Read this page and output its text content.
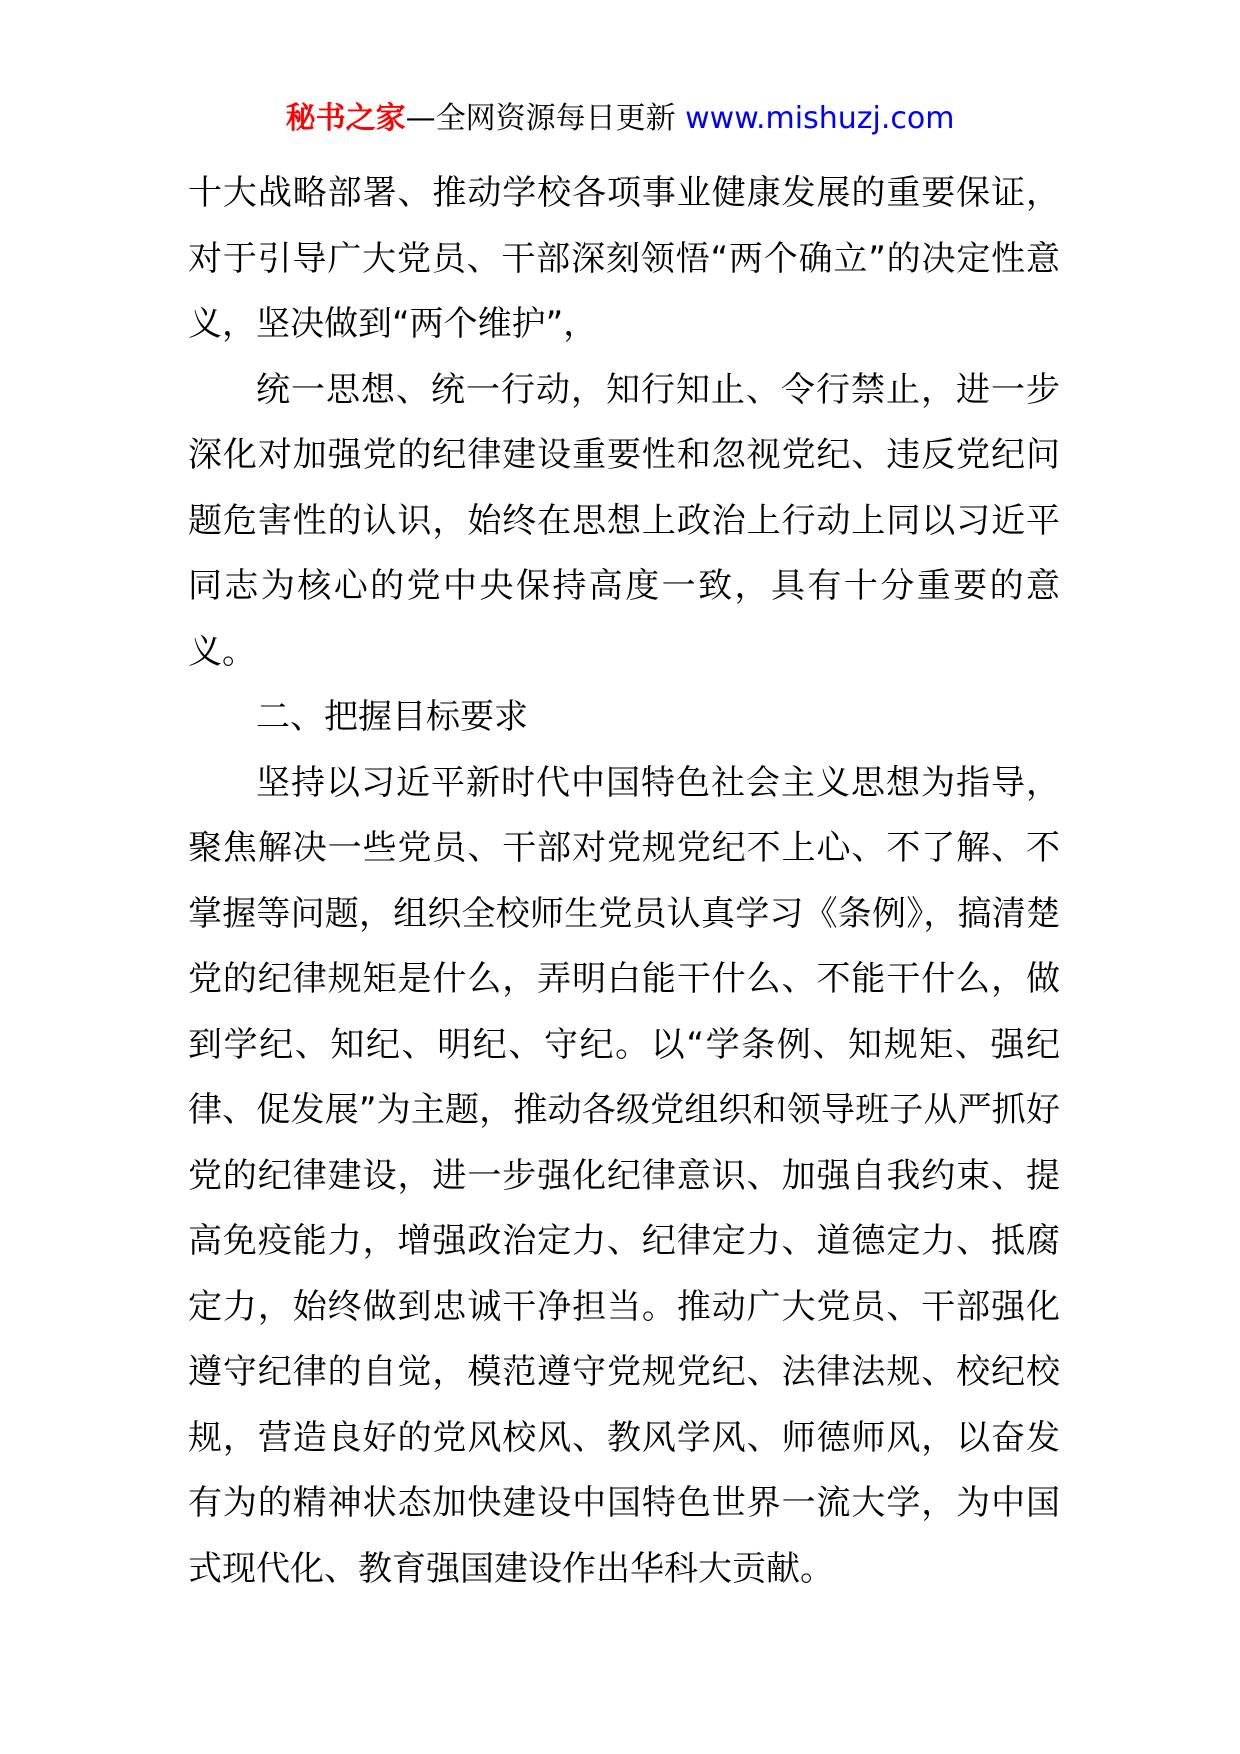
秘书之家—全网资源每日更新 www.mishuzj.com

十大战略部署、推动学校各项事业健康发展的重要保证，对于引导广大党员、干部深刻领悟“两个确立”的决定性意义，坚决做到“两个维护”，

统一思想、统一行动，知行知止、令行禁止，进一步深化对加强党的纪律建设重要性和忽视党纪、违反党纪问题危害性的认识，始终在思想上政治上行动上同以习近平同志为核心的党中央保持高度一致，具有十分重要的意义。

二、把握目标要求

坚持以习近平新时代中国特色社会主义思想为指导，聚焦解决一些党员、干部对党规党纪不上心、不了解、不掌握等问题，组织全校师生党员认真学习《条例》，搞清楚党的纪律规矩是什么，弄明白能干什么、不能干什么，做到学纪、知纪、明纪、守纪。以“学条例、知规矩、强纪律、促发展”为主题，推动各级党组织和领导班子从严抓好党的纪律建设，进一步强化纪律意识、加强自我约束、提高免疫能力，增强政治定力、纪律定力、道德定力、抵腐定力，始终做到忠诚干净担当。推动广大党员、干部强化遵守纪律的自觉，模范遵守党规党纪、法律法规、校纪校规，营造良好的党风校风、教风学风、师德师风，以奋发有为的精神状态加快建设中国特色世界一流大学，为中国式现代化、教育强国建设作出华科大贡献。
